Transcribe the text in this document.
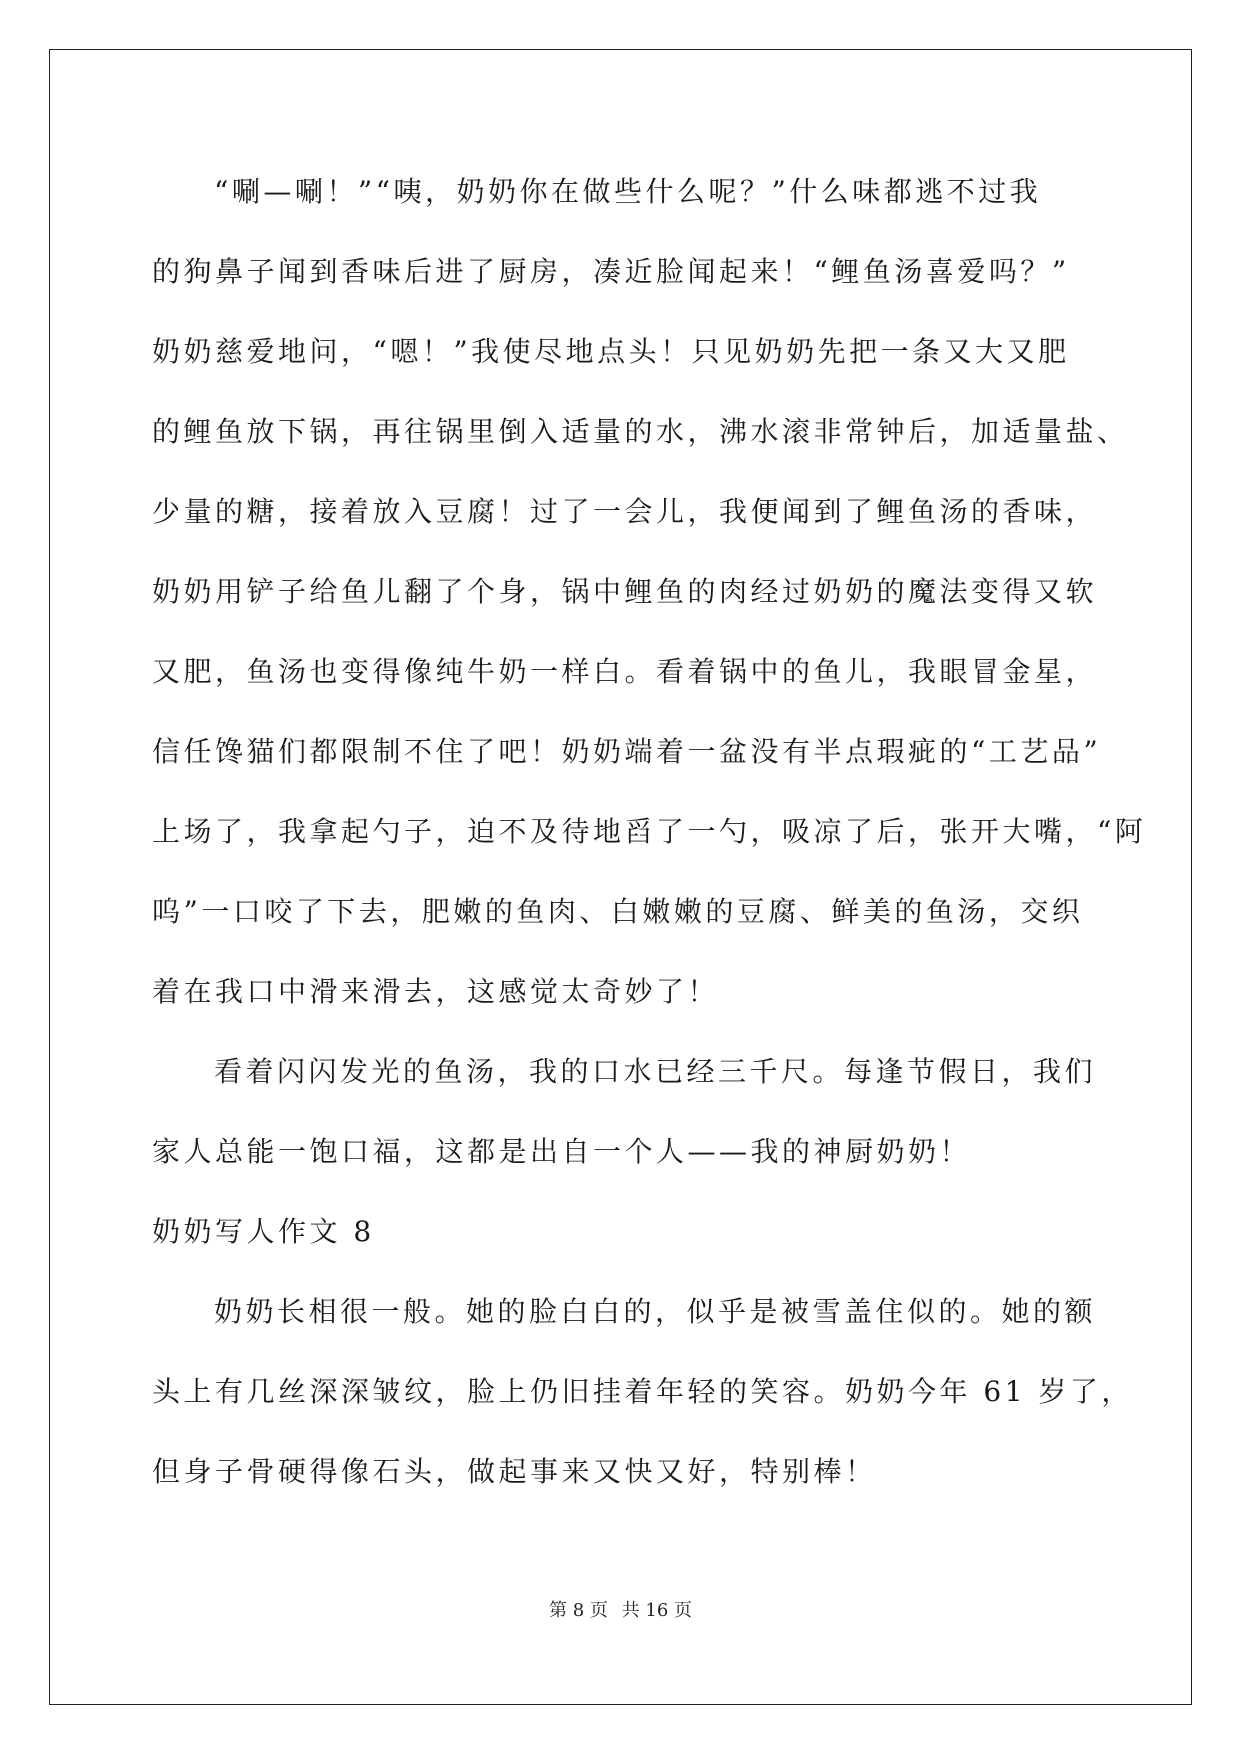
“唰—唰！”“咦，奶奶你在做些什么呢？”什么味都逃不过我
的狗鼻子闻到香味后进了厨房，凑近脸闻起来！“鲤鱼汤喜爱吗？”
奶奶慈爱地问，“嗯！”我使尽地点头！只见奶奶先把一条又大又肥
的鲤鱼放下锅，再往锅里倒入适量的水，沸水滚非常钟后，加适量盐、
少量的糖，接着放入豆腐！过了一会儿，我便闻到了鲤鱼汤的香味，
奶奶用铲子给鱼儿翻了个身，锅中鲤鱼的肉经过奶奶的魔法变得又软
又肥，鱼汤也变得像纯牛奶一样白。看着锅中的鱼儿，我眼冒金星，
信任馋猫们都限制不住了吧！奶奶端着一盆没有半点瑕疵的“工艺品”
上场了，我拿起勺子，迫不及待地舀了一勺，吸凉了后，张开大嘴，“阿
呜”一口咬了下去，肥嫩的鱼肉、白嫩嫩的豆腐、鲜美的鱼汤，交织
着在我口中滑来滑去，这感觉太奇妙了！
看着闪闪发光的鱼汤，我的口水已经三千尺。每逢节假日，我们
家人总能一饱口福，这都是出自一个人——我的神厨奶奶！
奶奶写人作文 8
奶奶长相很一般。她的脸白白的，似乎是被雪盖住似的。她的额
头上有几丝深深皱纹，脸上仍旧挂着年轻的笑容。奶奶今年 61 岁了，
但身子骨硬得像石头，做起事来又快又好，特别棒！
第 8 页 共 16 页
